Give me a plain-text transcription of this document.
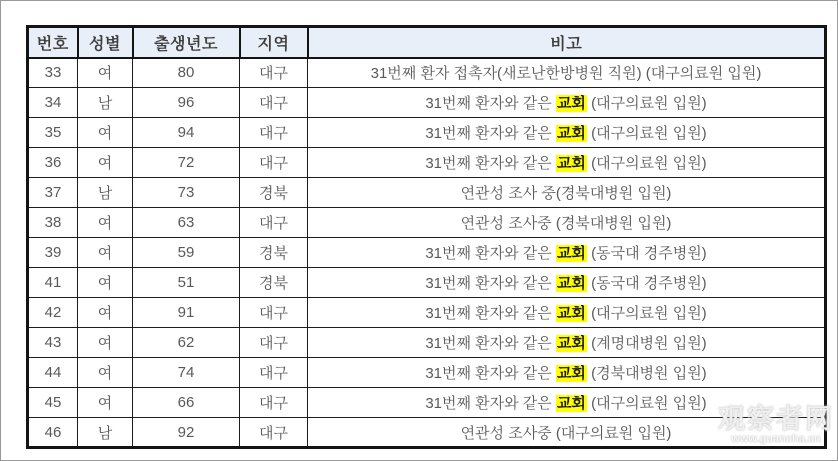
번호	성별	출생년도	지역	비고
33	여	80	대구	31번째 환자 접촉자(새로난한방병원 직원) (대구의료원 입원)
34	남	96	대구	31번째 환자와 같은 교회 (대구의료원 입원)
35	여	94	대구	31번째 환자와 같은 교회 (대구의료원 입원)
36	여	72	대구	31번째 환자와 같은 교회 (대구의료원 입원)
37	남	73	경북	연관성 조사 중(경북대병원 입원)
38	여	63	대구	연관성 조사중 (경북대병원 입원)
39	여	59	경북	31번째 환자와 같은 교회 (동국대 경주병원)
41	여	51	경북	31번째 환자와 같은 교회 (동국대 경주병원)
42	여	91	대구	31번째 환자와 같은 교회 (대구의료원 입원)
43	여	62	대구	31번째 환자와 같은 교회 (계명대병원 입원)
44	여	74	대구	31번째 환자와 같은 교회 (경북대병원 입원)
45	여	66	대구	31번째 환자와 같은 교회 (대구의료원 입원)
46	남	92	대구	연관성 조사중 (대구의료원 입원) 观察者网
www.guancha.cn
